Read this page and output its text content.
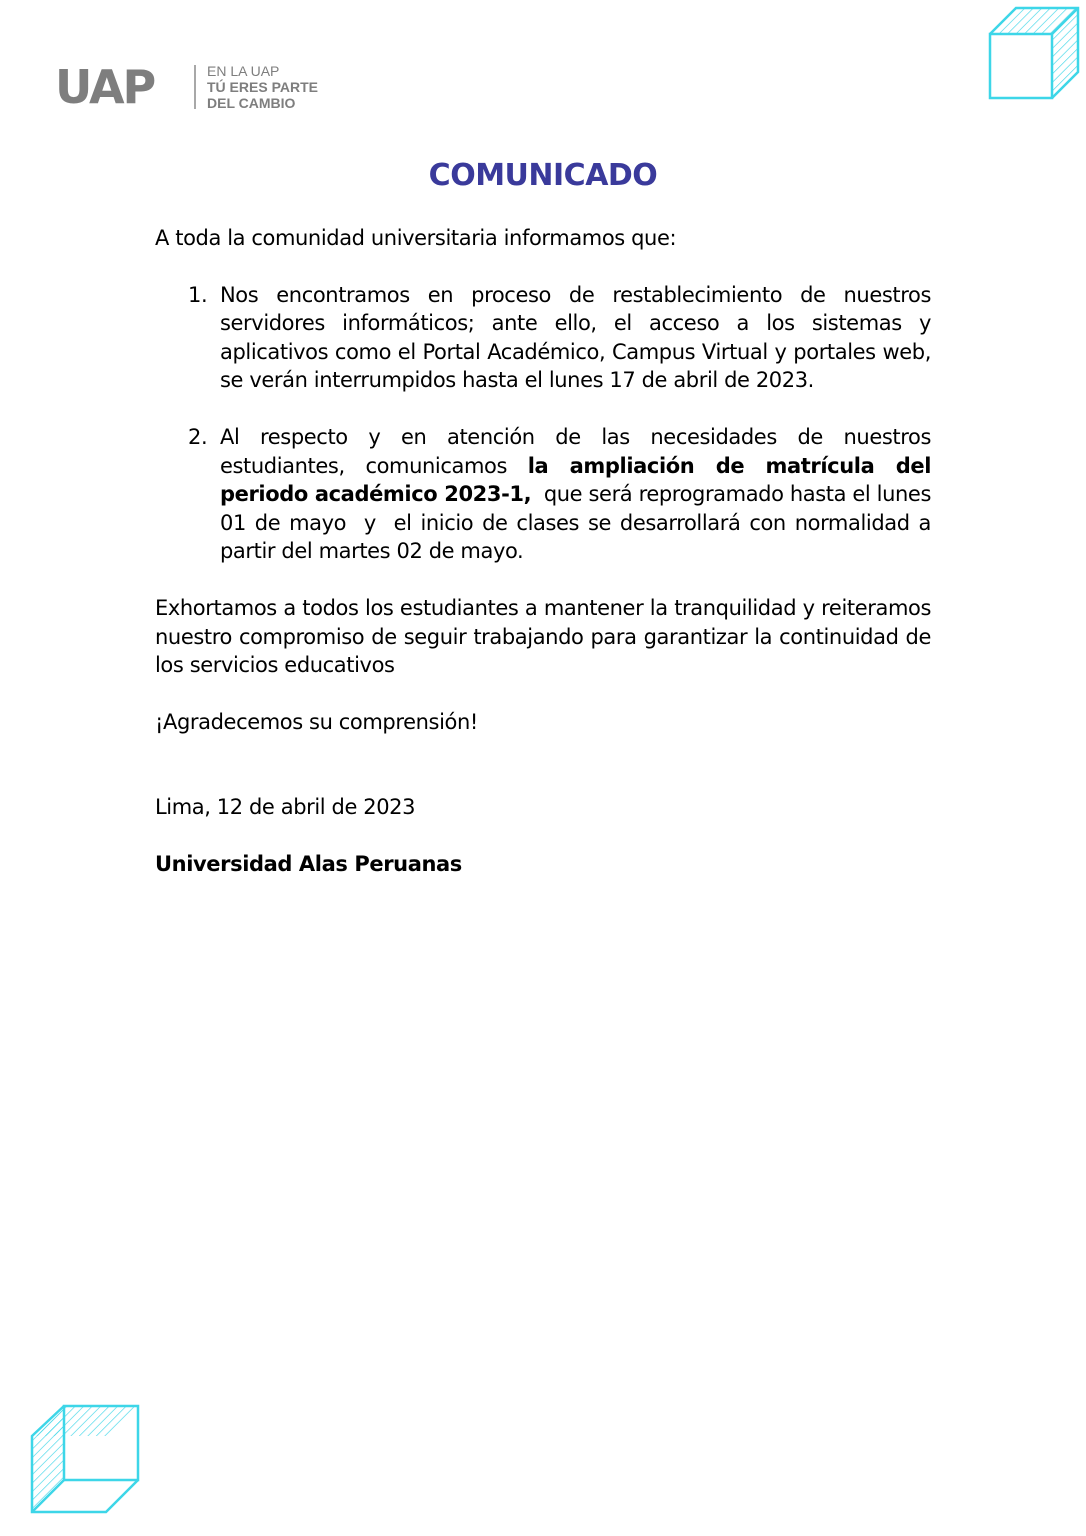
UAP	EN LA UAP
TÚ ERES PARTE
DEL CAMBIO
COMUNICADO

A toda la comunidad universitaria informamos que:

1. Nos encontramos en proceso de restablecimiento de nuestros servidores informáticos; ante ello, el acceso a los sistemas y aplicativos como el Portal Académico, Campus Virtual y portales web, se verán interrumpidos hasta el lunes 17 de abril de 2023.
2. Al respecto y en atención de las necesidades de nuestros estudiantes, comunicamos la ampliación de matrícula del periodo académico 2023-1,  que será reprogramado hasta el lunes 01 de mayo  y  el inicio de clases se desarrollará con normalidad a partir del martes 02 de mayo.

Exhortamos a todos los estudiantes a mantener la tranquilidad y reiteramos nuestro compromiso de seguir trabajando para garantizar la continuidad de los servicios educativos

¡Agradecemos su comprensión!

Lima, 12 de abril de 2023

Universidad Alas Peruanas
